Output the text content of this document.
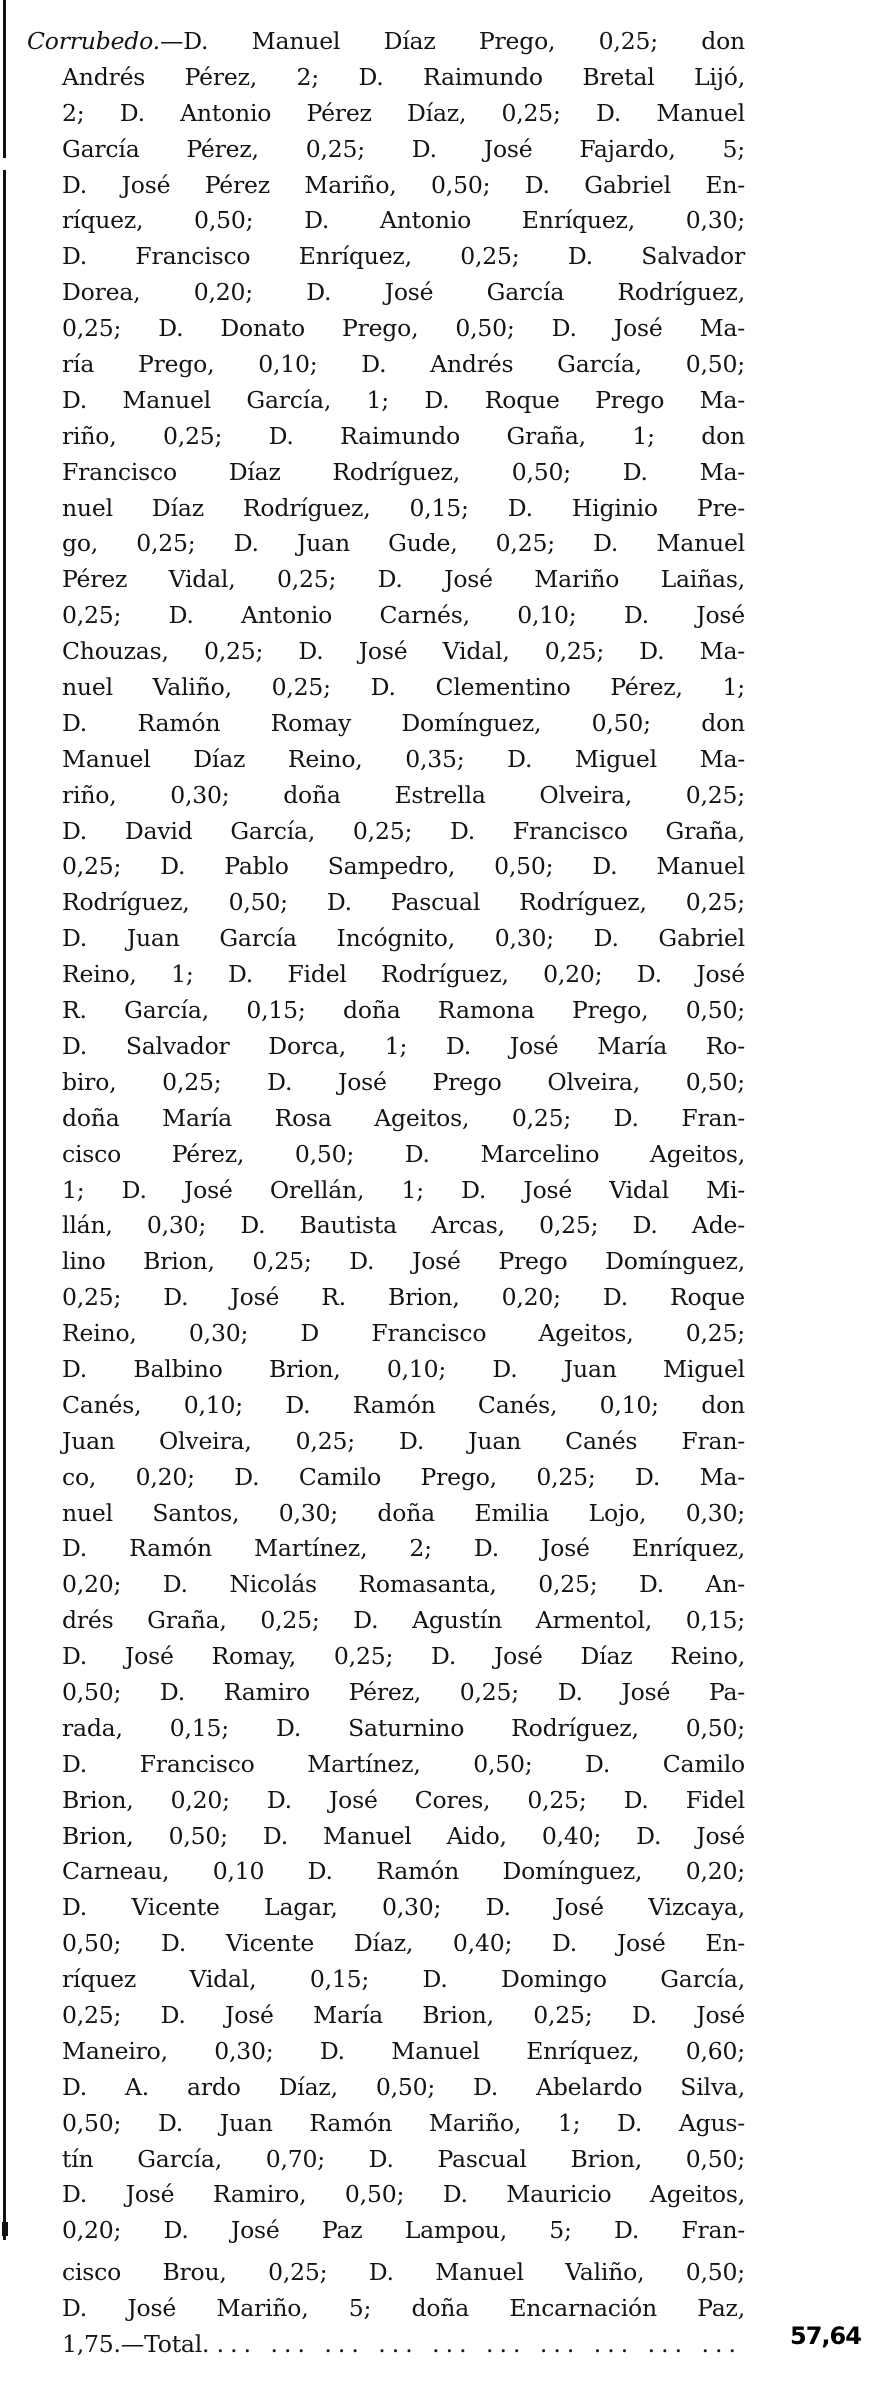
Corrubedo.—D. Manuel Díaz Prego, 0,25; don
Andrés Pérez, 2; D. Raimundo Bretal Lijó,
2; D. Antonio Pérez Díaz, 0,25; D. Manuel
García Pérez, 0,25; D. José Fajardo, 5;
D. José Pérez Mariño, 0,50; D. Gabriel En-
ríquez, 0,50; D. Antonio Enríquez, 0,30;
D. Francisco Enríquez, 0,25; D. Salvador
Dorea, 0,20; D. José García Rodríguez,
0,25; D. Donato Prego, 0,50; D. José Ma-
ría Prego, 0,10; D. Andrés García, 0,50;
D. Manuel García, 1; D. Roque Prego Ma-
riño, 0,25; D. Raimundo Graña, 1; don
Francisco Díaz Rodríguez, 0,50; D. Ma-
nuel Díaz Rodríguez, 0,15; D. Higinio Pre-
go, 0,25; D. Juan Gude, 0,25; D. Manuel
Pérez Vidal, 0,25; D. José Mariño Laiñas,
0,25; D. Antonio Carnés, 0,10; D. José
Chouzas, 0,25; D. José Vidal, 0,25; D. Ma-
nuel Valiño, 0,25; D. Clementino Pérez, 1;
D. Ramón Romay Domínguez, 0,50; don
Manuel Díaz Reino, 0,35; D. Miguel Ma-
riño, 0,30; doña Estrella Olveira, 0,25;
D. David García, 0,25; D. Francisco Graña,
0,25; D. Pablo Sampedro, 0,50; D. Manuel
Rodríguez, 0,50; D. Pascual Rodríguez, 0,25;
D. Juan García Incógnito, 0,30; D. Gabriel
Reino, 1; D. Fidel Rodríguez, 0,20; D. José
R. García, 0,15; doña Ramona Prego, 0,50;
D. Salvador Dorca, 1; D. José María Ro-
biro, 0,25; D. José Prego Olveira, 0,50;
doña María Rosa Ageitos, 0,25; D. Fran-
cisco Pérez, 0,50; D. Marcelino Ageitos,
1; D. José Orellán, 1; D. José Vidal Mi-
llán, 0,30; D. Bautista Arcas, 0,25; D. Ade-
lino Brion, 0,25; D. José Prego Domínguez,
0,25; D. José R. Brion, 0,20; D. Roque
Reino, 0,30; D Francisco Ageitos, 0,25;
D. Balbino Brion, 0,10; D. Juan Miguel
Canés, 0,10; D. Ramón Canés, 0,10; don
Juan Olveira, 0,25; D. Juan Canés Fran-
co, 0,20; D. Camilo Prego, 0,25; D. Ma-
nuel Santos, 0,30; doña Emilia Lojo, 0,30;
D. Ramón Martínez, 2; D. José Enríquez,
0,20; D. Nicolás Romasanta, 0,25; D. An-
drés Graña, 0,25; D. Agustín Armentol, 0,15;
D. José Romay, 0,25; D. José Díaz Reino,
0,50; D. Ramiro Pérez, 0,25; D. José Pa-
rada, 0,15; D. Saturnino Rodríguez, 0,50;
D. Francisco Martínez, 0,50; D. Camilo
Brion, 0,20; D. José Cores, 0,25; D. Fidel
Brion, 0,50; D. Manuel Aido, 0,40; D. José
Carneau, 0,10 D. Ramón Domínguez, 0,20;
D. Vicente Lagar, 0,30; D. José Vizcaya,
0,50; D. Vicente Díaz, 0,40; D. José En-
ríquez Vidal, 0,15; D. Domingo García,
0,25; D. José María Brion, 0,25; D. José
Maneiro, 0,30; D. Manuel Enríquez, 0,60;
D. A. ardo Díaz, 0,50; D. Abelardo Silva,
0,50; D. Juan Ramón Mariño, 1; D. Agus-
tín García, 0,70; D. Pascual Brion, 0,50;
D. José Ramiro, 0,50; D. Mauricio Ageitos,
0,20; D. José Paz Lampou, 5; D. Fran-
cisco Brou, 0,25; D. Manuel Valiño, 0,50;
D. José Mariño, 5; doña Encarnación Paz,
1,75.—Total. ... ... ... ... ... ... ... ... ... ... 57,64
